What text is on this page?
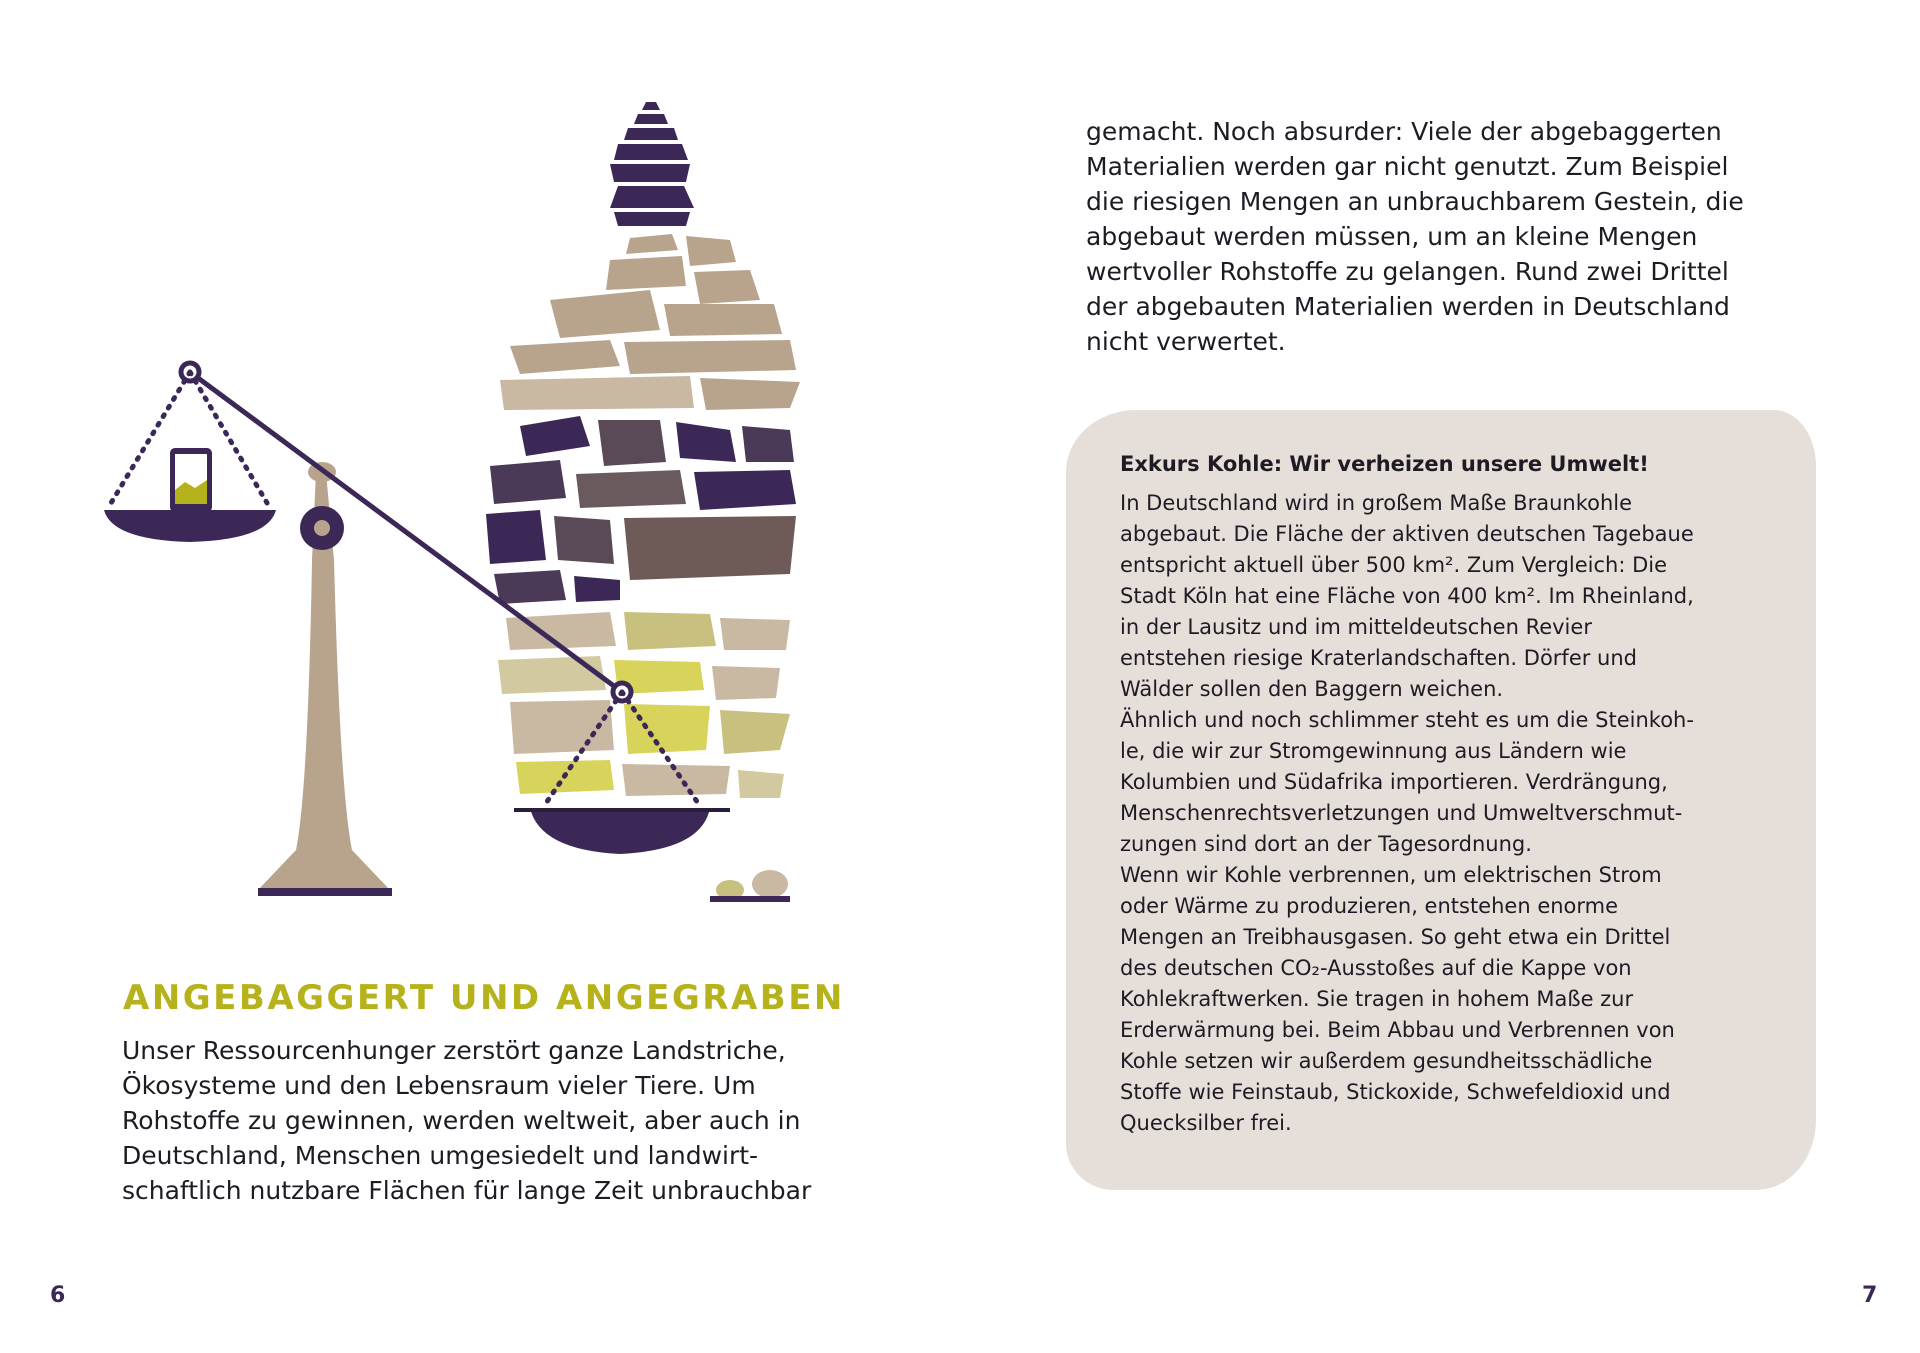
ANGEBAGGERT UND ANGEGRABEN

Unser Ressourcenhunger zerstört ganze Landstriche,
Ökosysteme und den Lebensraum vieler Tiere. Um
Rohstoffe zu gewinnen, werden weltweit, aber auch in
Deutschland, Menschen umgesiedelt und landwirt-
schaftlich nutzbare Flächen für lange Zeit unbrauchbar

gemacht. Noch absurder: Viele der abgebaggerten
Materialien werden gar nicht genutzt. Zum Beispiel
die riesigen Mengen an unbrauchbarem Gestein, die
abgebaut werden müssen, um an kleine Mengen
wertvoller Rohstoffe zu gelangen. Rund zwei Drittel
der abgebauten Materialien werden in Deutschland
nicht verwertet.

Exkurs Kohle: Wir verheizen unsere Umwelt!

In Deutschland wird in großem Maße Braunkohle
abgebaut. Die Fläche der aktiven deutschen Tagebaue
entspricht aktuell über 500 km². Zum Vergleich: Die
Stadt Köln hat eine Fläche von 400 km². Im Rheinland,
in der Lausitz und im mitteldeutschen Revier
entstehen riesige Kraterlandschaften. Dörfer und
Wälder sollen den Baggern weichen.
Ähnlich und noch schlimmer steht es um die Steinkoh-
le, die wir zur Stromgewinnung aus Ländern wie
Kolumbien und Südafrika importieren. Verdrängung,
Menschenrechtsverletzungen und Umweltverschmut-
zungen sind dort an der Tagesordnung.
Wenn wir Kohle verbrennen, um elektrischen Strom
oder Wärme zu produzieren, entstehen enorme
Mengen an Treibhausgasen. So geht etwa ein Drittel
des deutschen CO₂-Ausstoßes auf die Kappe von
Kohlekraftwerken. Sie tragen in hohem Maße zur
Erderwärmung bei. Beim Abbau und Verbrennen von
Kohle setzen wir außerdem gesundheitsschädliche
Stoffe wie Feinstaub, Stickoxide, Schwefeldioxid und
Quecksilber frei.

6	7
